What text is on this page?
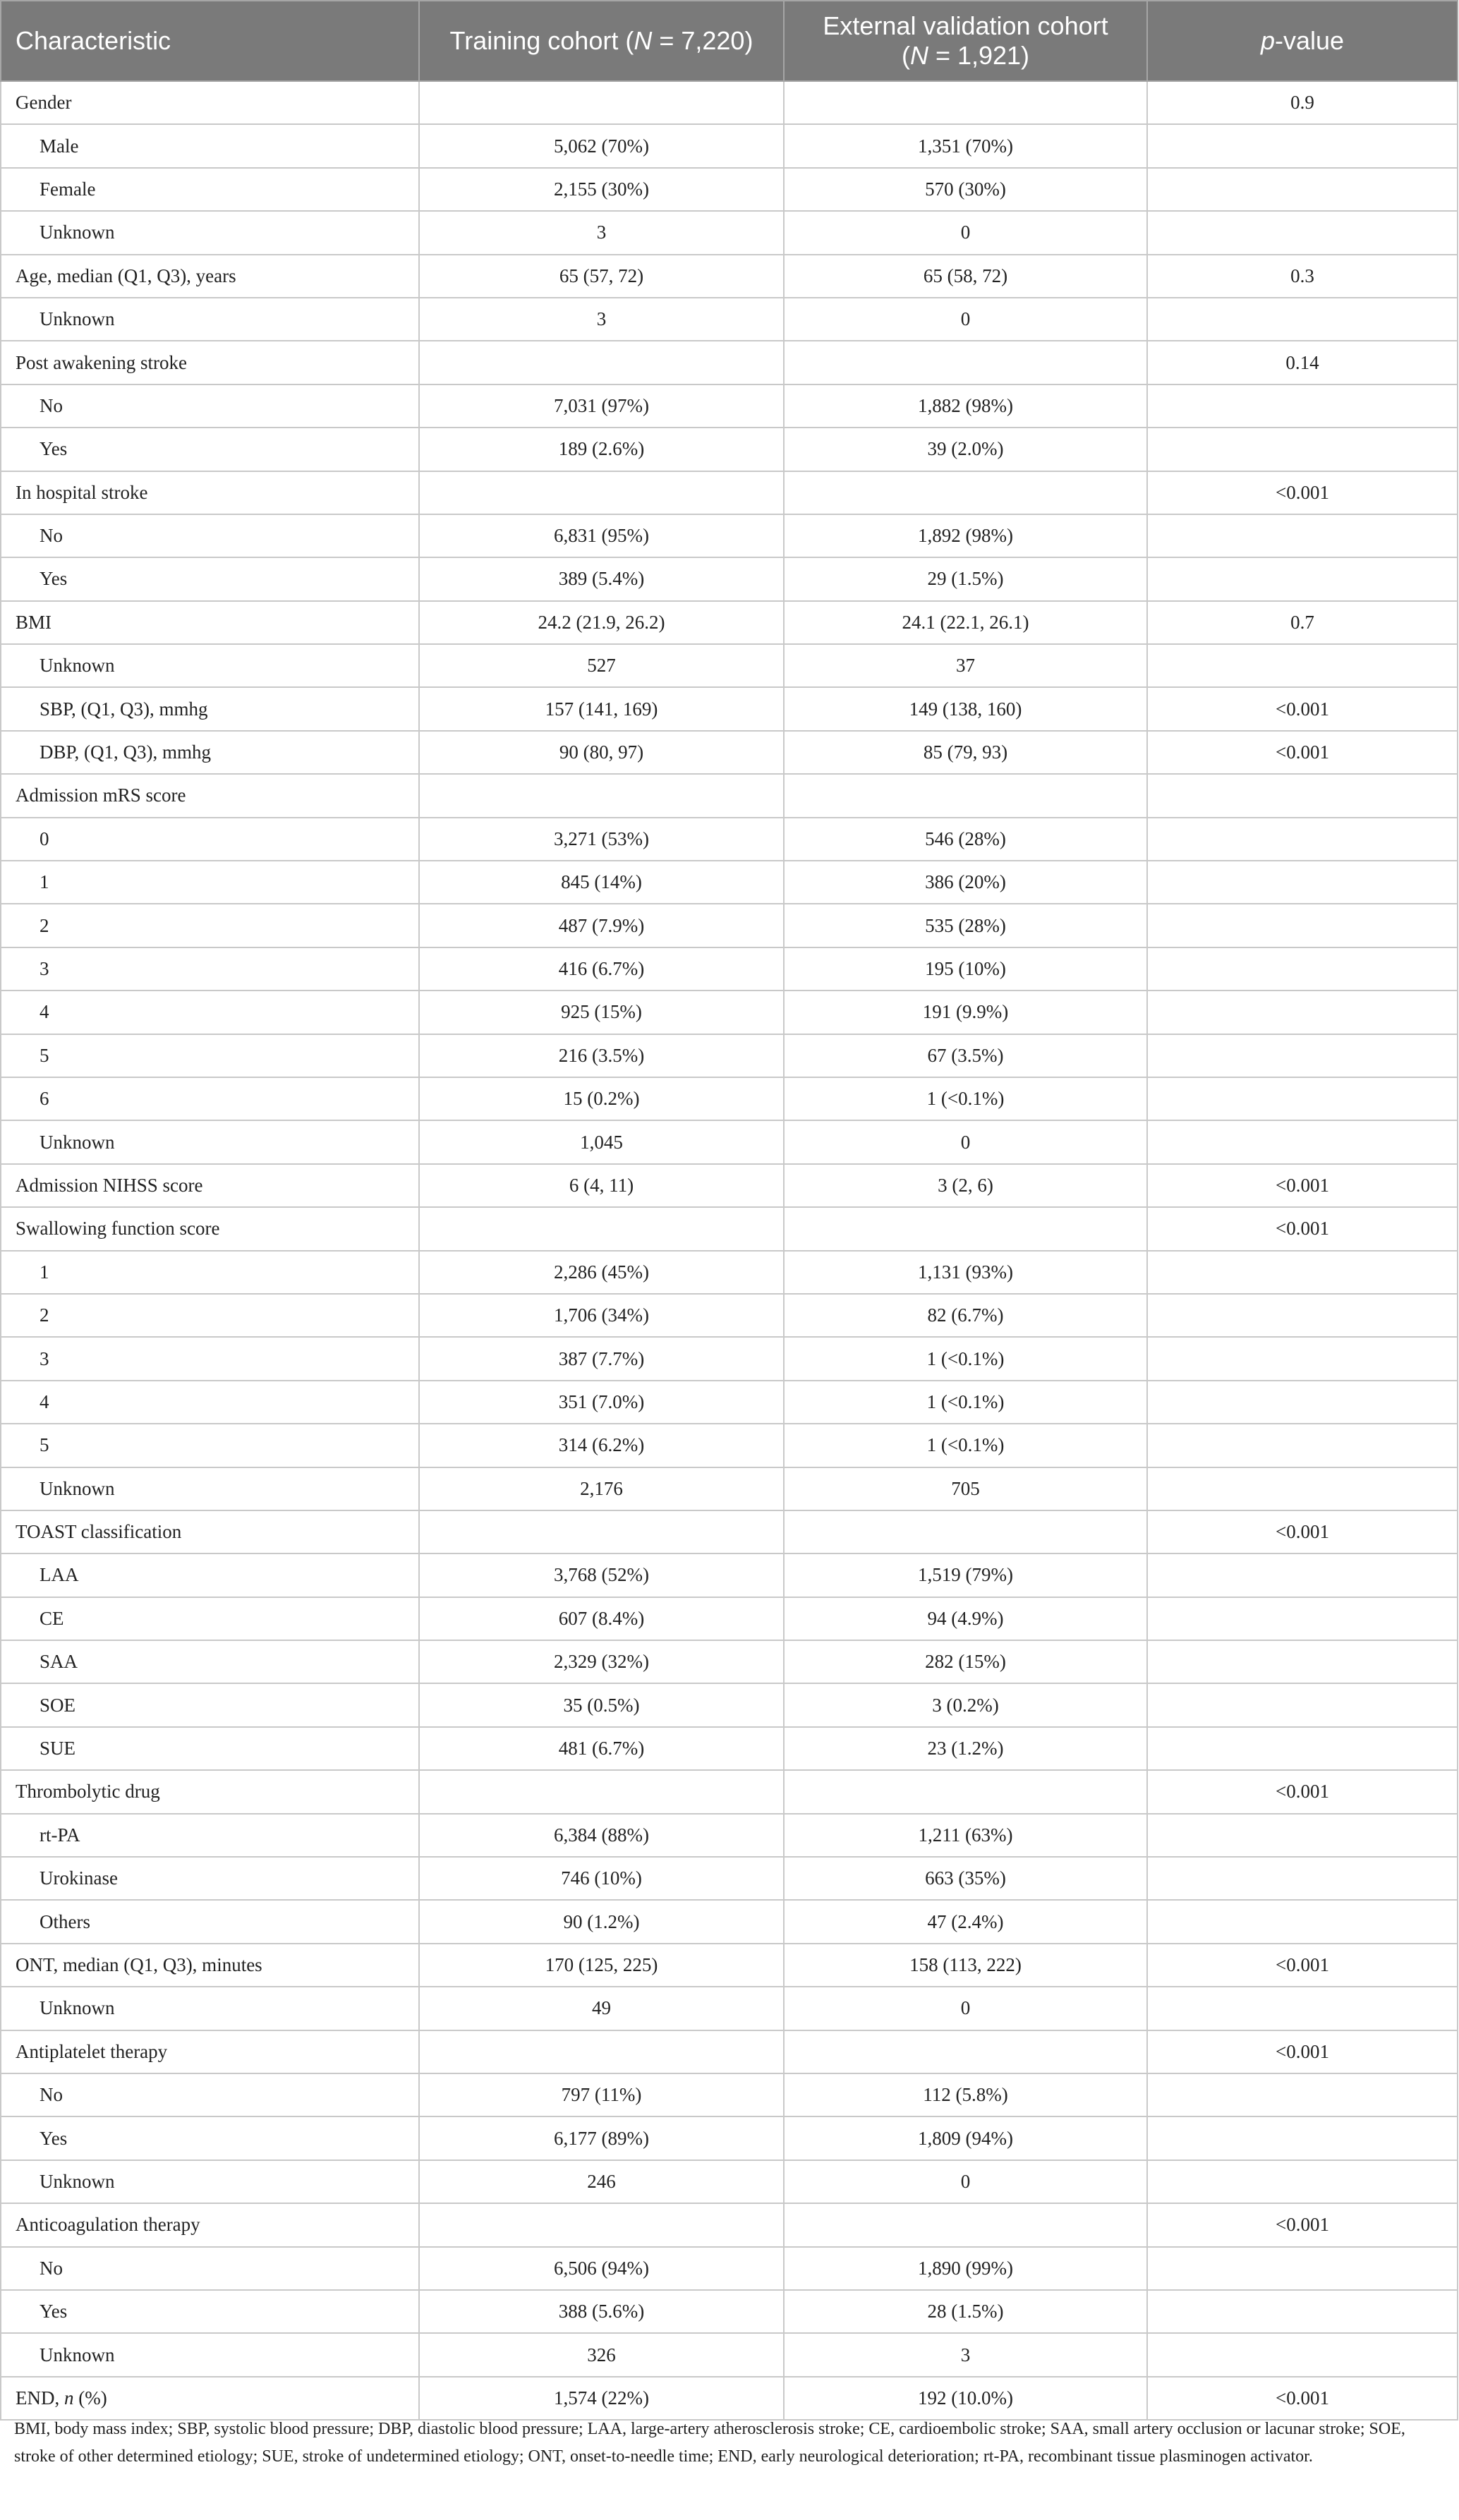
Characteristic	Training cohort (N = 7,220)	External validation cohort
(N = 1,921)	p-value
Gender			0.9
Male	5,062 (70%)	1,351 (70%)	
Female	2,155 (30%)	570 (30%)	
Unknown	3	0	
Age, median (Q1, Q3), years	65 (57, 72)	65 (58, 72)	0.3
Unknown	3	0	
Post awakening stroke			0.14
No	7,031 (97%)	1,882 (98%)	
Yes	189 (2.6%)	39 (2.0%)	
In hospital stroke			<0.001
No	6,831 (95%)	1,892 (98%)	
Yes	389 (5.4%)	29 (1.5%)	
BMI	24.2 (21.9, 26.2)	24.1 (22.1, 26.1)	0.7
Unknown	527	37	
SBP, (Q1, Q3), mmhg	157 (141, 169)	149 (138, 160)	<0.001
DBP, (Q1, Q3), mmhg	90 (80, 97)	85 (79, 93)	<0.001
Admission mRS score			
0	3,271 (53%)	546 (28%)	
1	845 (14%)	386 (20%)	
2	487 (7.9%)	535 (28%)	
3	416 (6.7%)	195 (10%)	
4	925 (15%)	191 (9.9%)	
5	216 (3.5%)	67 (3.5%)	
6	15 (0.2%)	1 (<0.1%)	
Unknown	1,045	0	
Admission NIHSS score	6 (4, 11)	3 (2, 6)	<0.001
Swallowing function score			<0.001
1	2,286 (45%)	1,131 (93%)	
2	1,706 (34%)	82 (6.7%)	
3	387 (7.7%)	1 (<0.1%)	
4	351 (7.0%)	1 (<0.1%)	
5	314 (6.2%)	1 (<0.1%)	
Unknown	2,176	705	
TOAST classification			<0.001
LAA	3,768 (52%)	1,519 (79%)	
CE	607 (8.4%)	94 (4.9%)	
SAA	2,329 (32%)	282 (15%)	
SOE	35 (0.5%)	3 (0.2%)	
SUE	481 (6.7%)	23 (1.2%)	
Thrombolytic drug			<0.001
rt-PA	6,384 (88%)	1,211 (63%)	
Urokinase	746 (10%)	663 (35%)	
Others	90 (1.2%)	47 (2.4%)	
ONT, median (Q1, Q3), minutes	170 (125, 225)	158 (113, 222)	<0.001
Unknown	49	0	
Antiplatelet therapy			<0.001
No	797 (11%)	112 (5.8%)	
Yes	6,177 (89%)	1,809 (94%)	
Unknown	246	0	
Anticoagulation therapy			<0.001
No	6,506 (94%)	1,890 (99%)	
Yes	388 (5.6%)	28 (1.5%)	
Unknown	326	3	
END, n (%)	1,574 (22%)	192 (10.0%)	<0.001
BMI, body mass index; SBP, systolic blood pressure; DBP, diastolic blood pressure; LAA, large-artery atherosclerosis stroke; CE, cardioembolic stroke; SAA, small artery occlusion or lacunar stroke; SOE, stroke of other determined etiology; SUE, stroke of undetermined etiology; ONT, onset-to-needle time; END, early neurological deterioration; rt-PA, recombinant tissue plasminogen activator.
